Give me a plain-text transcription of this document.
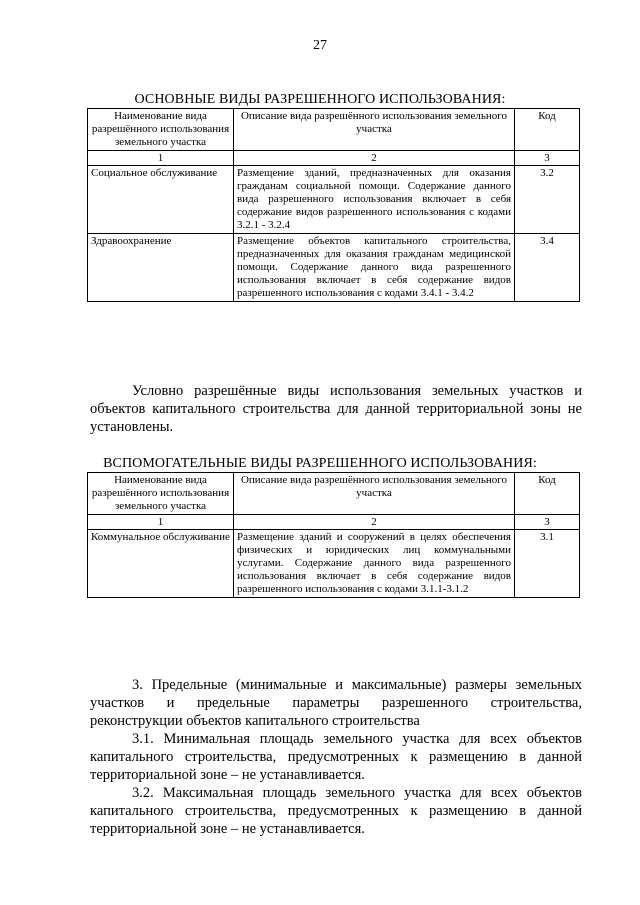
27
ОСНОВНЫЕ ВИДЫ РАЗРЕШЕННОГО ИСПОЛЬЗОВАНИЯ:
Наименование вида разрешённого использования земельного участка	Описание вида разрешённого использования земельного участка	Код
1	2	3
Социальное обслуживание	Размещение зданий, предназначенных для оказания гражданам социальной помощи. Содержание данного вида разрешенного использования включает в себя содержание видов разрешенного использования с кодами 3.2.1 - 3.2.4	3.2
Здравоохранение	Размещение объектов капитального строительства, предназначенных для оказания гражданам медицинской помощи. Содержание данного вида разрешенного использования включает в себя содержание видов разрешенного использования с кодами 3.4.1 - 3.4.2	3.4
Условно разрешённые виды использования земельных участков и объектов капитального строительства для данной территориальной зоны не установлены.
ВСПОМОГАТЕЛЬНЫЕ ВИДЫ РАЗРЕШЕННОГО ИСПОЛЬЗОВАНИЯ:
Наименование вида разрешённого использования земельного участка	Описание вида разрешённого использования земельного участка	Код
1	2	3
Коммунальное обслуживание	Размещение зданий и сооружений в целях обеспечения физических и юридических лиц коммунальными услугами. Содержание данного вида разрешенного использования включает в себя содержание видов разрешенного использования с кодами 3.1.1-3.1.2	3.1
3. Предельные (минимальные и максимальные) размеры земельных участков и предельные параметры разрешенного строительства, реконструкции объектов капитального строительства
3.1. Минимальная площадь земельного участка для всех объектов капитального строительства, предусмотренных к размещению в данной территориальной зоне – не устанавливается.
3.2. Максимальная площадь земельного участка для всех объектов капитального строительства, предусмотренных к размещению в данной территориальной зоне – не устанавливается.
